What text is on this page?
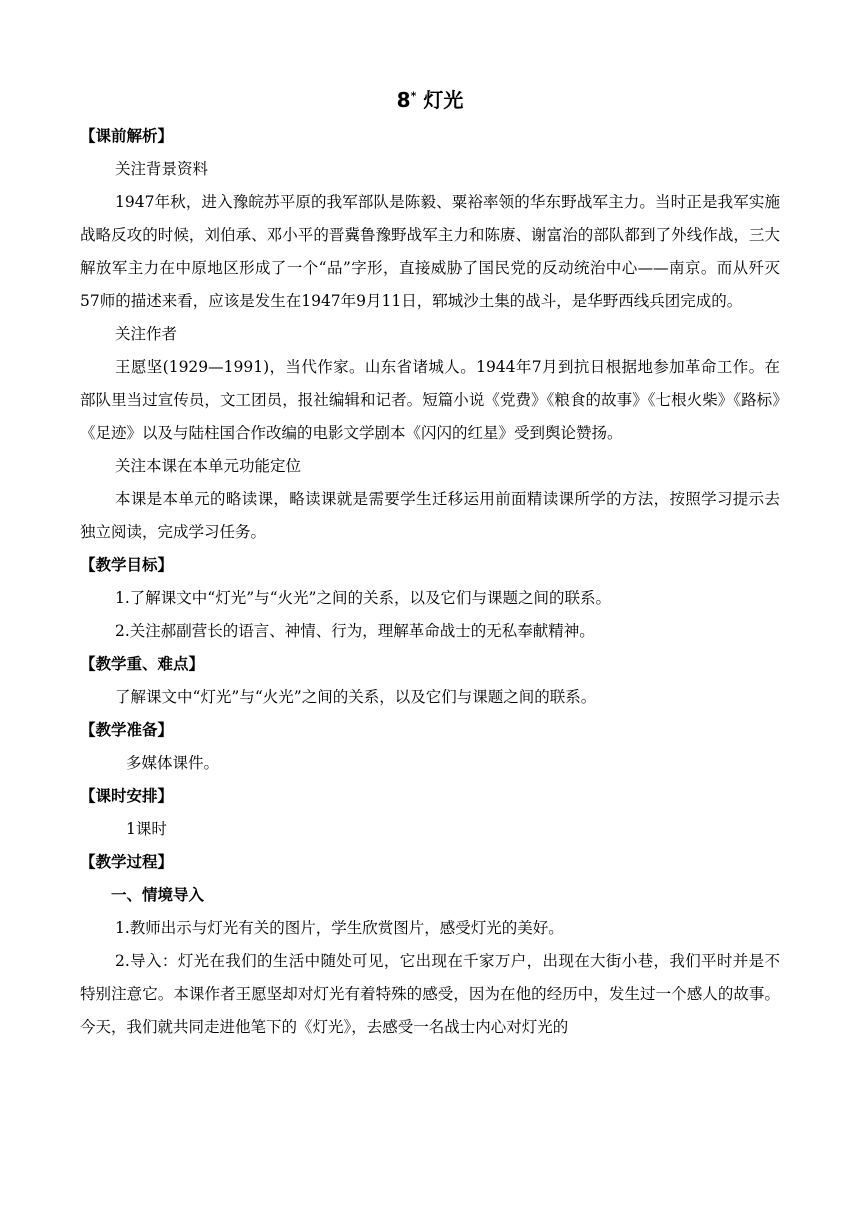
8* 灯光
【课前解析】
关注背景资料
1947年秋，进入豫皖苏平原的我军部队是陈毅、粟裕率领的华东野战军主力。当时正是我军实施战略反攻的时候，刘伯承、邓小平的晋冀鲁豫野战军主力和陈赓、谢富治的部队都到了外线作战，三大解放军主力在中原地区形成了一个“品”字形，直接威胁了国民党的反动统治中心——南京。而从歼灭57师的描述来看，应该是发生在1947年9月11日，郓城沙土集的战斗，是华野西线兵团完成的。
关注作者
王愿坚(1929—1991)，当代作家。山东省诸城人。1944年7月到抗日根据地参加革命工作。在部队里当过宣传员，文工团员，报社编辑和记者。短篇小说《党费》《粮食的故事》《七根火柴》《路标》《足迹》以及与陆柱国合作改编的电影文学剧本《闪闪的红星》受到舆论赞扬。
关注本课在本单元功能定位
本课是本单元的略读课，略读课就是需要学生迁移运用前面精读课所学的方法，按照学习提示去独立阅读，完成学习任务。
【教学目标】
1.了解课文中“灯光”与“火光”之间的关系，以及它们与课题之间的联系。
2.关注郝副营长的语言、神情、行为，理解革命战士的无私奉献精神。
【教学重、难点】
了解课文中“灯光”与“火光”之间的关系，以及它们与课题之间的联系。
【教学准备】
多媒体课件。
【课时安排】
1课时
【教学过程】
一、情境导入
1.教师出示与灯光有关的图片，学生欣赏图片，感受灯光的美好。
2.导入：灯光在我们的生活中随处可见，它出现在千家万户，出现在大街小巷，我们平时并是不特别注意它。本课作者王愿坚却对灯光有着特殊的感受，因为在他的经历中，发生过一个感人的故事。今天，我们就共同走进他笔下的《灯光》，去感受一名战士内心对灯光的
